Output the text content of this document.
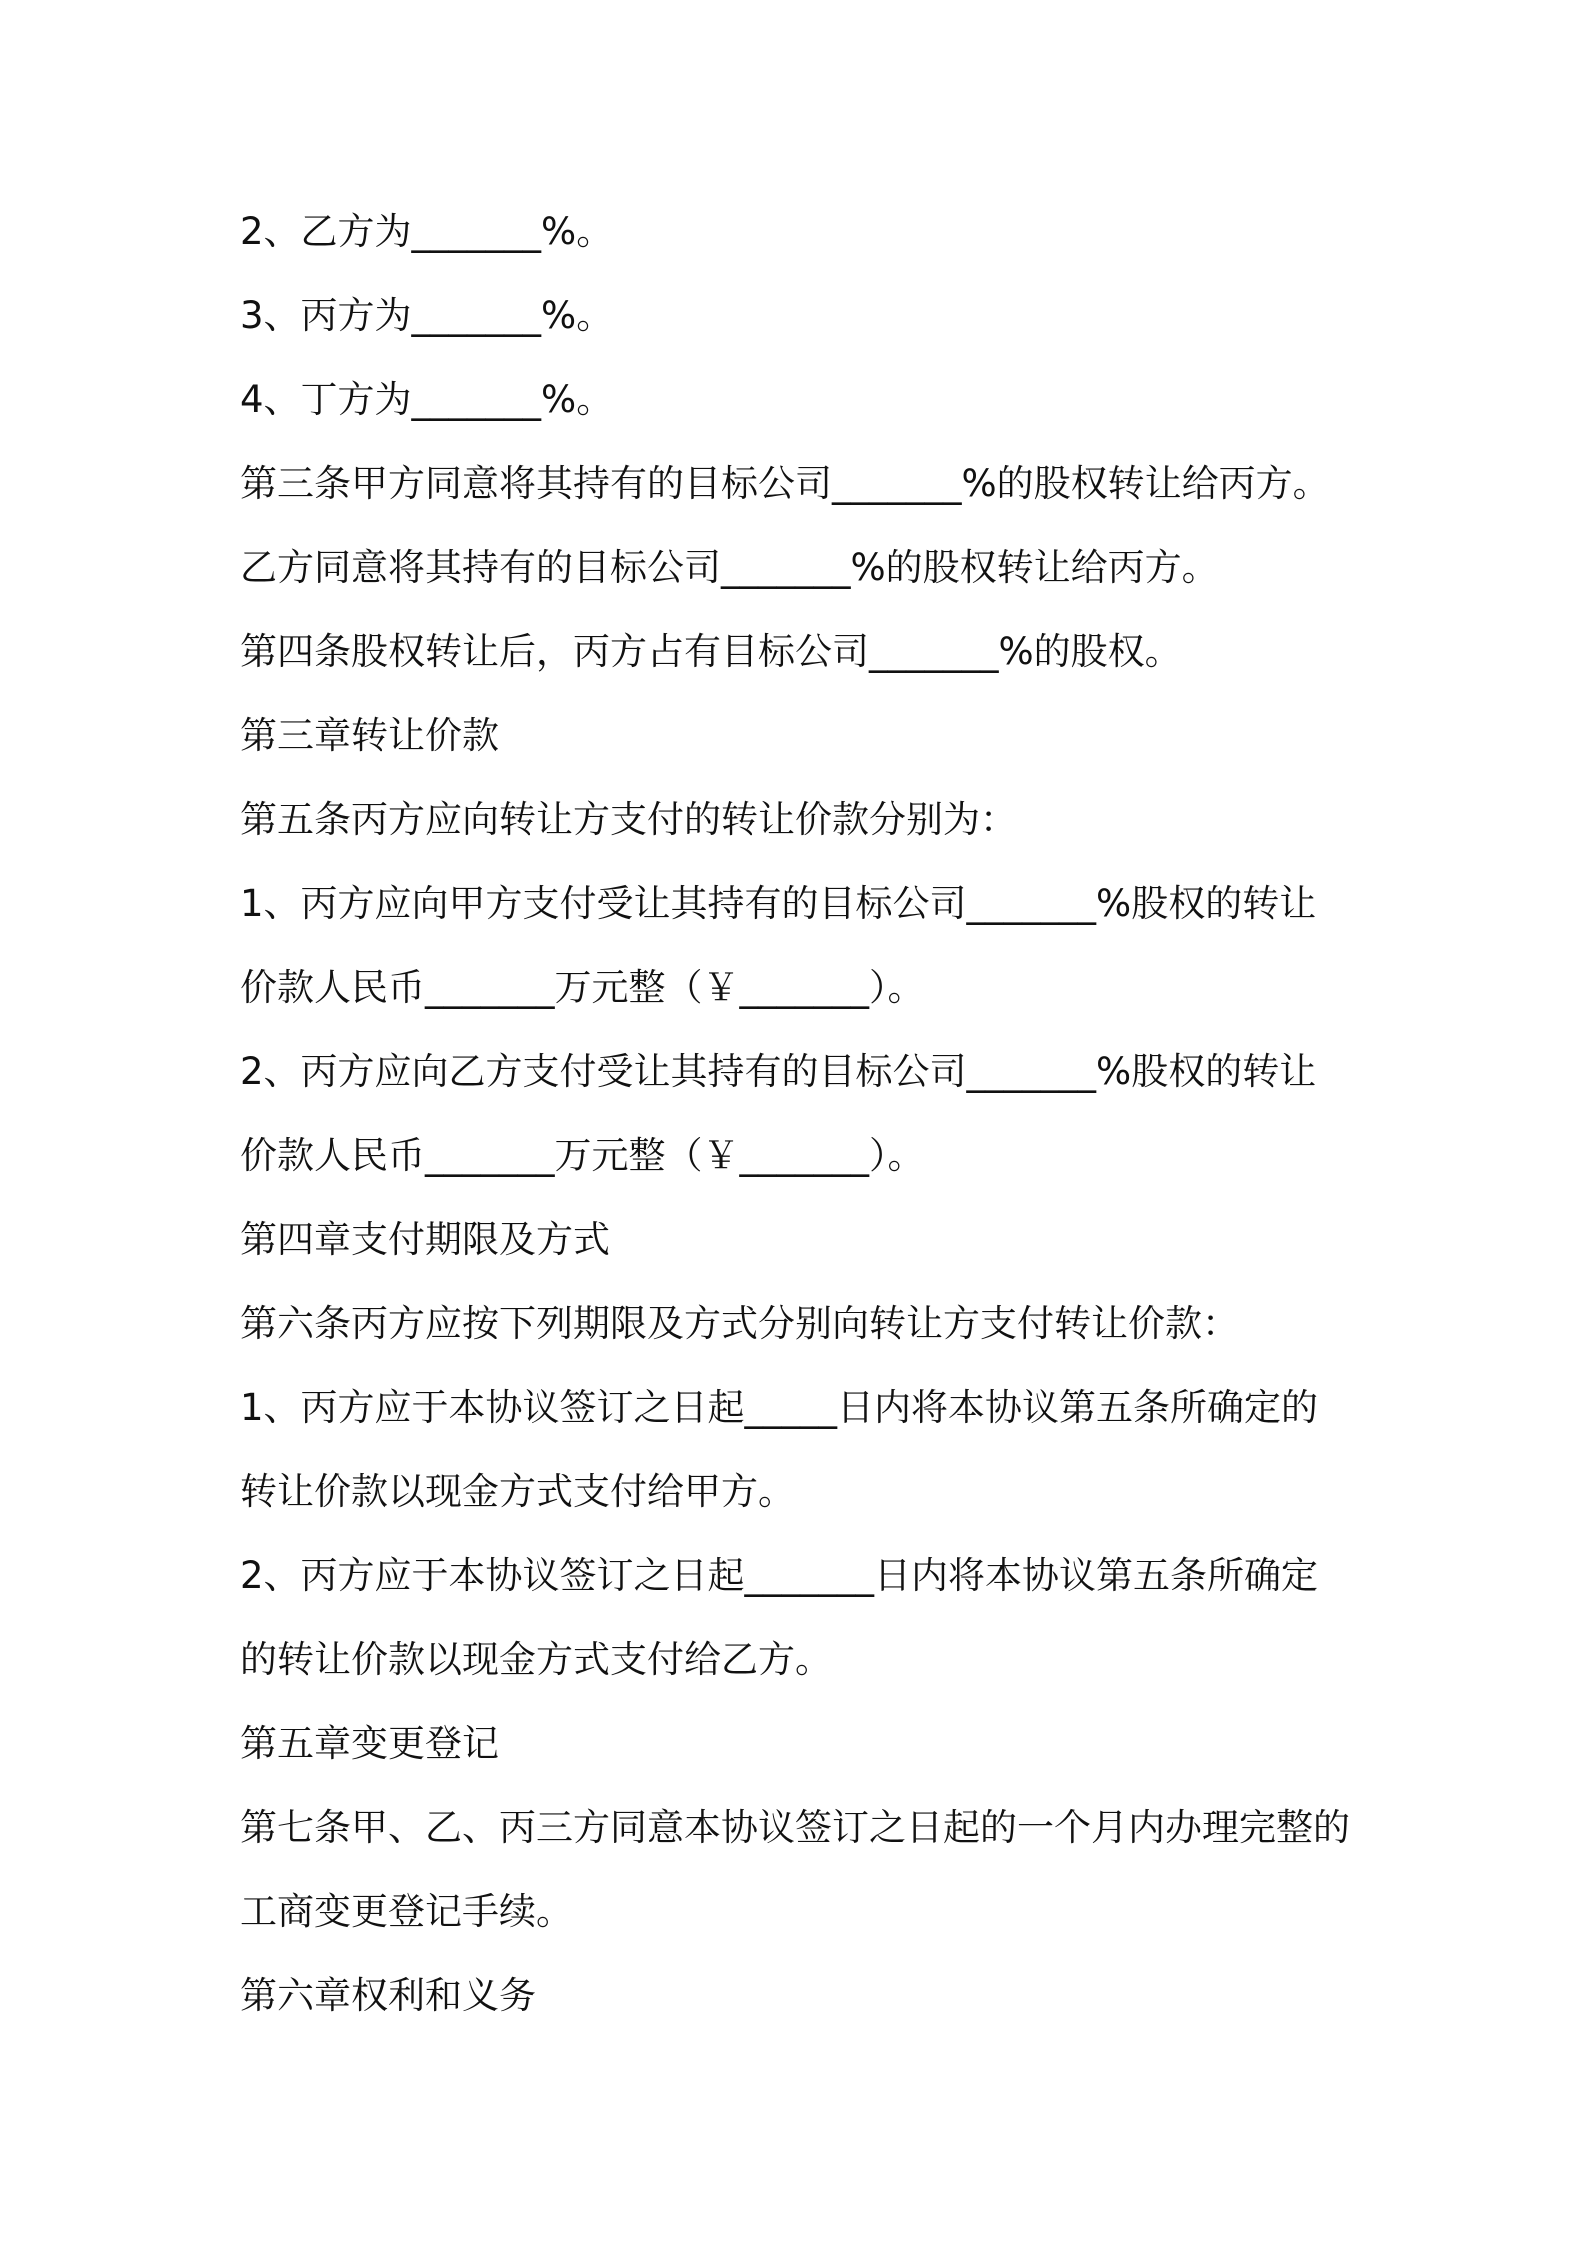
2、乙方为_______%。
3、丙方为_______%。
4、丁方为_______%。
第三条甲方同意将其持有的目标公司_______%的股权转让给丙方。
乙方同意将其持有的目标公司_______%的股权转让给丙方。
第四条股权转让后，丙方占有目标公司_______%的股权。
第三章转让价款
第五条丙方应向转让方支付的转让价款分别为：
1、丙方应向甲方支付受让其持有的目标公司_______%股权的转让
价款人民币_______万元整（￥_______）。
2、丙方应向乙方支付受让其持有的目标公司_______%股权的转让
价款人民币_______万元整（￥_______）。
第四章支付期限及方式
第六条丙方应按下列期限及方式分别向转让方支付转让价款：
1、丙方应于本协议签订之日起_____日内将本协议第五条所确定的
转让价款以现金方式支付给甲方。
2、丙方应于本协议签订之日起_______日内将本协议第五条所确定
的转让价款以现金方式支付给乙方。
第五章变更登记
第七条甲、乙、丙三方同意本协议签订之日起的一个月内办理完整的
工商变更登记手续。
第六章权利和义务
